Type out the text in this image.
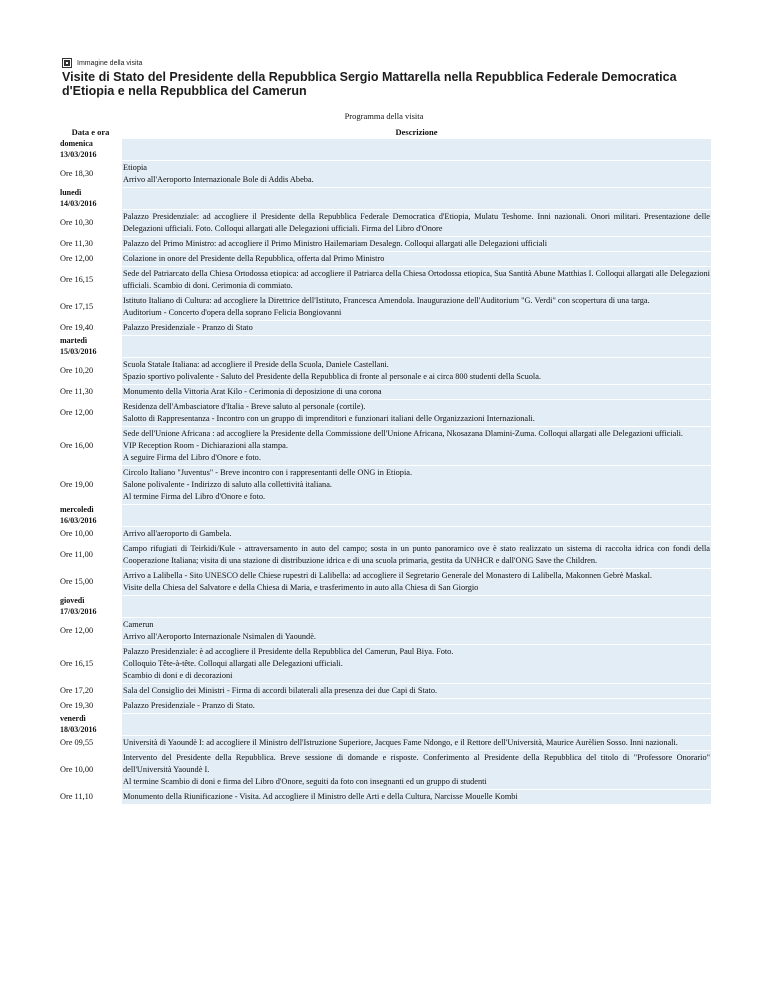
Immagine della visita
Visite di Stato del Presidente della Repubblica Sergio Mattarella nella Repubblica Federale Democratica d'Etiopia e nella Repubblica del Camerun
Programma della visita
Data e ora	Descrizione

domenica
13/03/2016	

Ore 18,30	Etiopia
Arrivo all'Aeroporto Internazionale Bole di Addis Abeba.

lunedì
14/03/2016	

Ore 10,30	Palazzo Presidenziale: ad accogliere il Presidente della Repubblica Federale Democratica d'Etiopia, Mulatu Teshome. Inni nazionali. Onori militari. Presentazione delle Delegazioni ufficiali. Foto. Colloqui allargati alle Delegazioni ufficiali. Firma del Libro d'Onore

Ore 11,30	Palazzo del Primo Ministro: ad accogliere il Primo Ministro Hailemariam Desalegn. Colloqui allargati alle Delegazioni ufficiali

Ore 12,00	Colazione in onore del Presidente della Repubblica, offerta dal Primo Ministro

Ore 16,15	Sede del Patriarcato della Chiesa Ortodossa etiopica: ad accogliere il Patriarca della Chiesa Ortodossa etiopica, Sua Santità Abune Matthias I. Colloqui allargati alle Delegazioni ufficiali. Scambio di doni. Cerimonia di commiato.

Ore 17,15	Istituto Italiano di Cultura: ad accogliere la Direttrice dell'Istituto, Francesca Amendola. Inaugurazione dell'Auditorium "G. Verdi" con scopertura di una targa.
Auditorium - Concerto d'opera della soprano Felicia Bongiovanni

Ore 19,40	Palazzo Presidenziale - Pranzo di Stato

martedì
15/03/2016	

Ore 10,20	Scuola Statale Italiana: ad accogliere il Preside della Scuola, Daniele Castellani.
Spazio sportivo polivalente - Saluto del Presidente della Repubblica di fronte al personale e ai circa 800 studenti della Scuola.

Ore 11,30	Monumento della Vittoria Arat Kilo - Cerimonia di deposizione di una corona

Ore 12,00	Residenza dell'Ambasciatore d'Italia - Breve saluto al personale (cortile).
Salotto di Rappresentanza - Incontro con un gruppo di imprenditori e funzionari italiani delle Organizzazioni Internazionali.

Ore 16,00	Sede dell'Unione Africana : ad accogliere la Presidente della Commissione dell'Unione Africana, Nkosazana Dlamini-Zuma. Colloqui allargati alle Delegazioni ufficiali.
VIP Reception Room - Dichiarazioni alla stampa.
A seguire Firma del Libro d'Onore e foto.

Ore 19,00	Circolo Italiano "Juventus" - Breve incontro con i rappresentanti delle ONG in Etiopia.
Salone polivalente - Indirizzo di saluto alla collettività italiana.
Al termine Firma del Libro d'Onore e foto.

mercoledì
16/03/2016	

Ore 10,00	Arrivo all'aeroporto di Gambela.

Ore 11,00	Campo rifugiati di Teirkidi/Kule - attraversamento in auto del campo; sosta in un punto panoramico ove è stato realizzato un sistema di raccolta idrica con fondi della Cooperazione Italiana; visita di una stazione di distribuzione idrica e di una scuola primaria, gestita da UNHCR e dall'ONG Save the Children.

Ore 15,00	Arrivo a Lalibella - Sito UNESCO delle Chiese rupestri di Lalibella: ad accogliere il Segretario Generale del Monastero di Lalibella, Makonnen Gebrè Maskal.
Visite della Chiesa del Salvatore e della Chiesa di Maria, e trasferimento in auto alla Chiesa di San Giorgio

giovedì
17/03/2016	

Ore 12,00	Camerun
Arrivo all'Aeroporto Internazionale Nsimalen di Yaoundè.

Ore 16,15	Palazzo Presidenziale: è ad accogliere il Presidente della Repubblica del Camerun, Paul Biya. Foto.
Colloquio Tête-à-tête. Colloqui allargati alle Delegazioni ufficiali.
Scambio di doni e di decorazioni

Ore 17,20	Sala del Consiglio dei Ministri - Firma di accordi bilaterali alla presenza dei due Capi di Stato.

Ore 19,30	Palazzo Presidenziale - Pranzo di Stato.

venerdì
18/03/2016	

Ore 09,55	Università di Yaoundè I: ad accogliere il Ministro dell'Istruzione Superiore, Jacques Fame Ndongo, e il Rettore dell'Università, Maurice Aurèlien Sosso. Inni nazionali.

Ore 10,00	Intervento del Presidente della Repubblica. Breve sessione di domande e risposte. Conferimento al Presidente della Repubblica del titolo di "Professore Onorario" dell'Università Yaoundè I.
Al termine Scambio di doni e firma del Libro d'Onore, seguiti da foto con insegnanti ed un gruppo di studenti

Ore 11,10	Monumento della Riunificazione - Visita. Ad accogliere il Ministro delle Arti e della Cultura, Narcisse Mouelle Kombi
